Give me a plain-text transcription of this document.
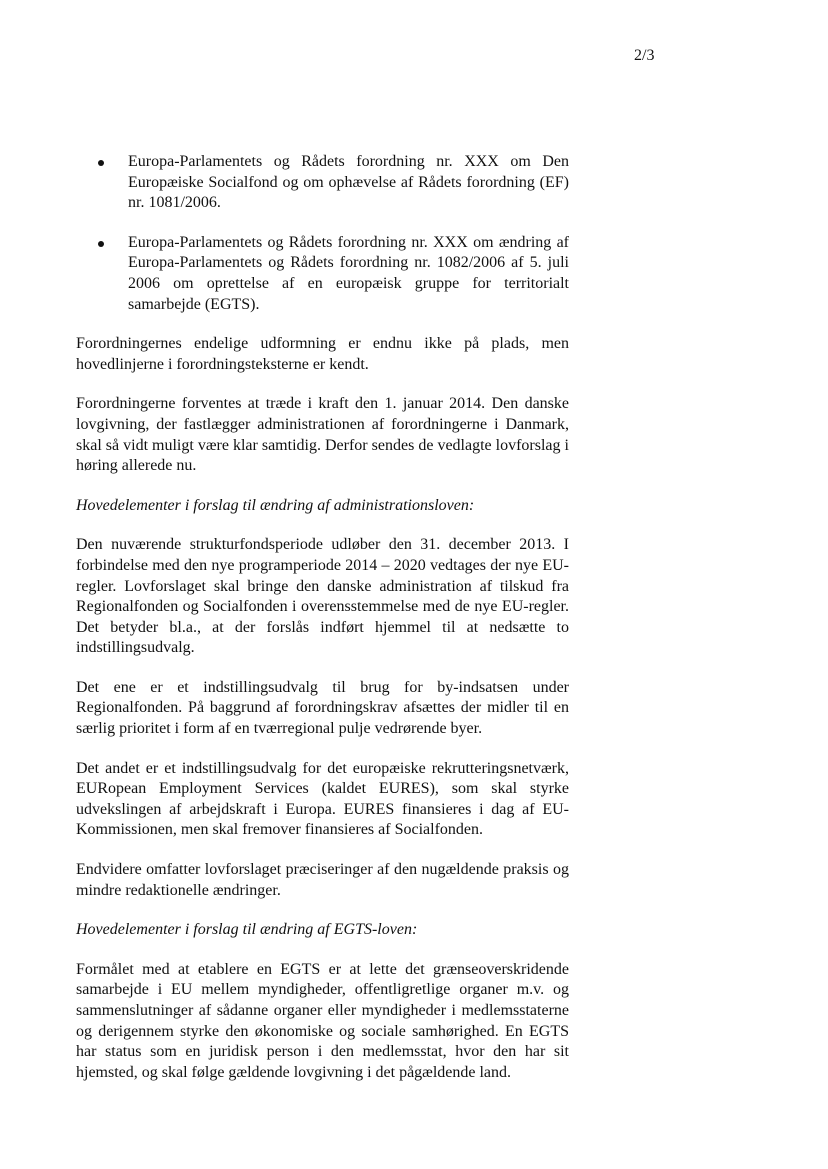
2/3
Europa-Parlamentets og Rådets forordning nr. XXX om Den Europæiske Socialfond og om ophævelse af Rådets forordning (EF) nr. 1081/2006.
Europa-Parlamentets og Rådets forordning nr. XXX om ændring af Europa-Parlamentets og Rådets forordning nr. 1082/2006 af 5. juli 2006 om oprettelse af en europæisk gruppe for territorialt samarbejde (EGTS).

Forordningernes endelige udformning er endnu ikke på plads, men hovedlinjerne i forordningsteksterne er kendt.

Forordningerne forventes at træde i kraft den 1. januar 2014. Den danske lovgivning, der fastlægger administrationen af forordningerne i Danmark, skal så vidt muligt være klar samtidig. Derfor sendes de vedlagte lovforslag i høring allerede nu.

Hovedelementer i forslag til ændring af administrationsloven:

Den nuværende strukturfondsperiode udløber den 31. december 2013. I forbindelse med den nye programperiode 2014 – 2020 vedtages der nye EU-regler. Lovforslaget skal bringe den danske administration af tilskud fra Regionalfonden og Socialfonden i overensstemmelse med de nye EU-regler. Det betyder bl.a., at der forslås indført hjemmel til at nedsætte to indstillingsudvalg.

Det ene er et indstillingsudvalg til brug for by-indsatsen under Regionalfonden. På baggrund af forordningskrav afsættes der midler til en særlig prioritet i form af en tværregional pulje vedrørende byer.

Det andet er et indstillingsudvalg for det europæiske rekrutteringsnetværk, EURopean Employment Services (kaldet EURES), som skal styrke udvekslingen af arbejdskraft i Europa. EURES finansieres i dag af EU-Kommissionen, men skal fremover finansieres af Socialfonden.

Endvidere omfatter lovforslaget præciseringer af den nugældende praksis og mindre redaktionelle ændringer.

Hovedelementer i forslag til ændring af EGTS-loven:

Formålet med at etablere en EGTS er at lette det grænseoverskridende samarbejde i EU mellem myndigheder, offentligretlige organer m.v. og sammenslutninger af sådanne organer eller myndigheder i medlemsstaterne og derigennem styrke den økonomiske og sociale samhørighed. En EGTS har status som en juridisk person i den medlemsstat, hvor den har sit hjemsted, og skal følge gældende lovgivning i det pågældende land.
